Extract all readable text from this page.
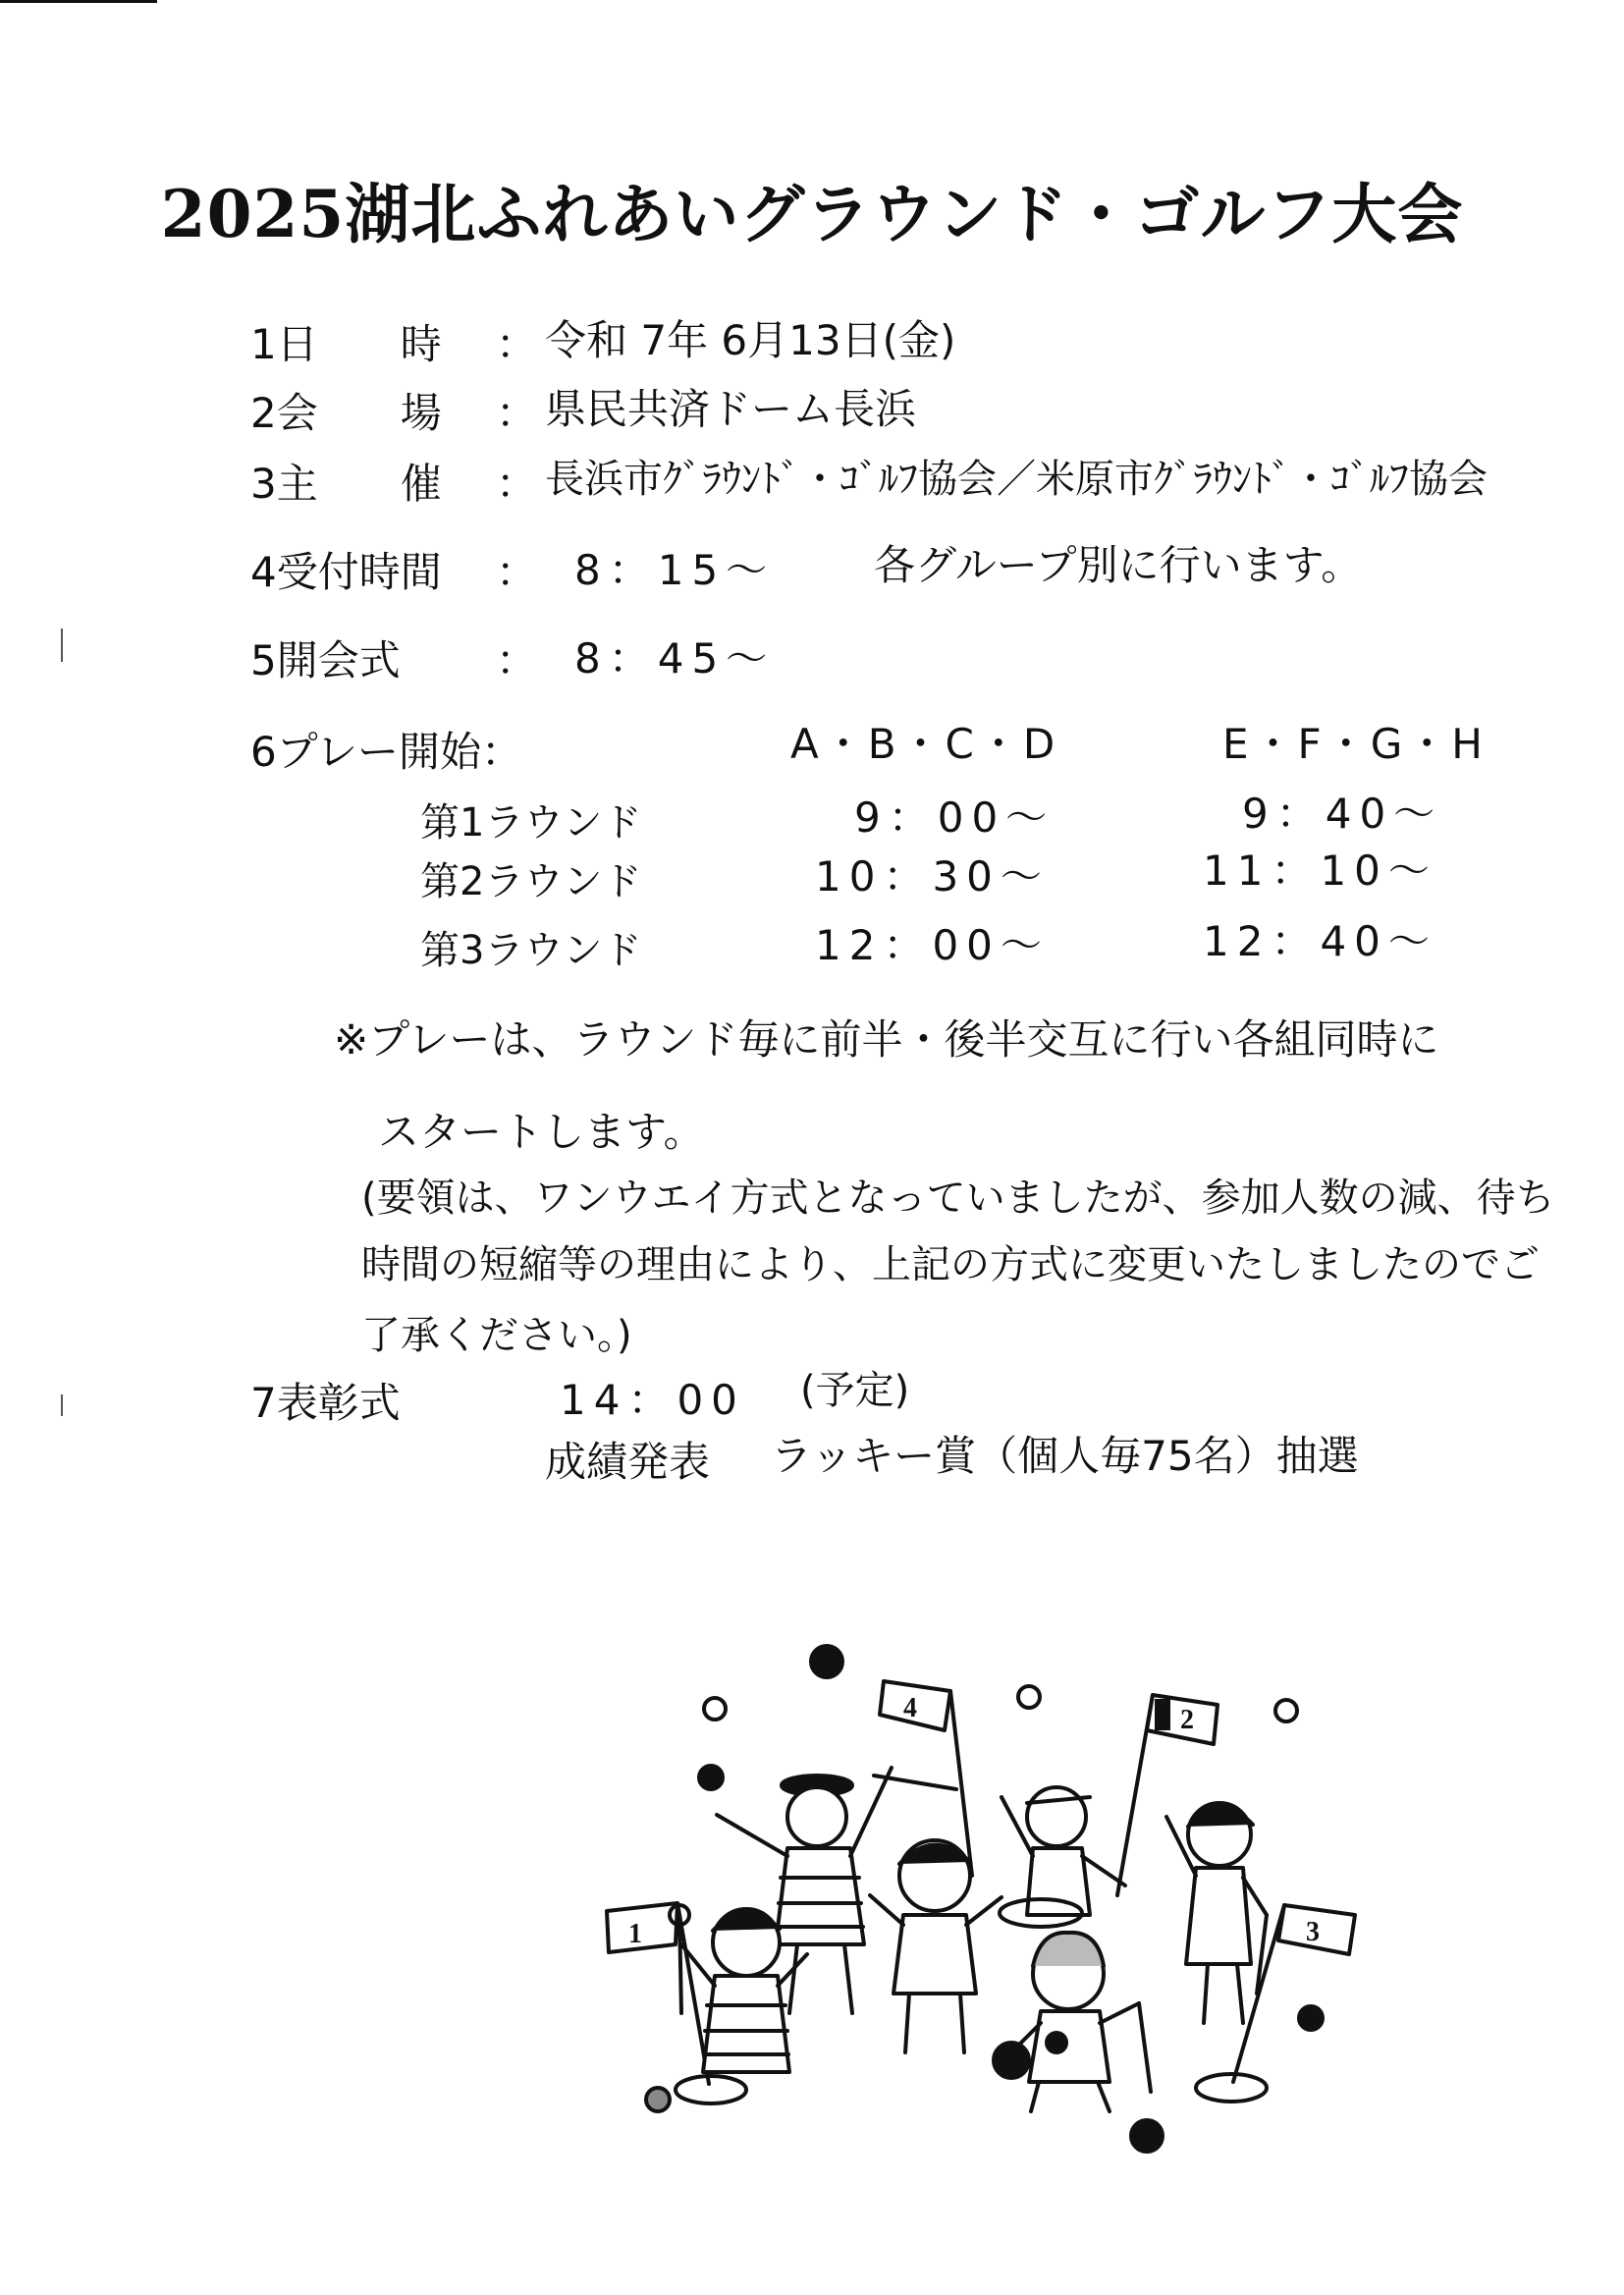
2025湖北ふれあいグラウンド・ゴルフ大会
1日　　時 ： 令和 7年 6月13日(金)
2会　　場 ： 県民共済ドーム長浜
3主　　催 ： 長浜市ｸﾞﾗｳﾝﾄﾞ・ｺﾞﾙﾌ協会／米原市ｸﾞﾗｳﾝﾄﾞ・ｺﾞﾙﾌ協会
4受付時間 ： 8：15～ 各グループ別に行います。
5開会式 ： 8：45～
6プレー開始：	A・B・C・D	E・F・G・H
第1ラウンド	9：00～	9：40～
第2ラウンド	10：30～	11：10～
第3ラウンド	12：00～	12：40～
※プレーは、ラウンド毎に前半・後半交互に行い各組同時に
スタートします。
(要領は、ワンウエイ方式となっていましたが、参加人数の減、待ち
時間の短縮等の理由により、上記の方式に変更いたしましたのでご
了承ください。)
7表彰式	14：00 (予定)
成績発表 ラッキー賞（個人毎75名）抽選
4	2
1	3
